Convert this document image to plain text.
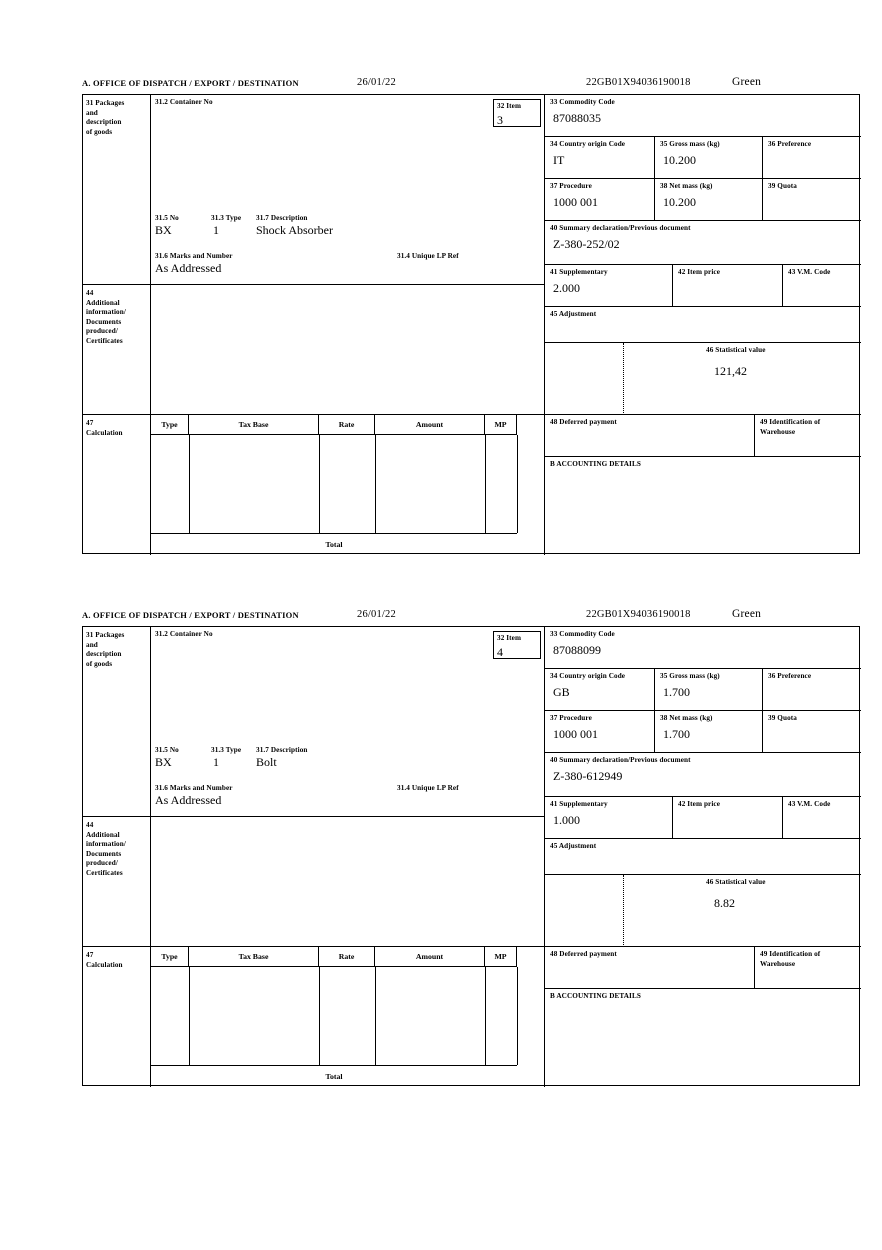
A. OFFICE OF DISPATCH / EXPORT / DESTINATION	26/01/22	22GB01X94036190018	Green
31 Packages
and
description
of goods
31.2 Container No
31.5 No	31.3 Type 31.7 Description
BX	1	Shock Absorber
31.6 Marks and Number	31.4 Unique LP Ref
As Addressed
32 Item
3
33 Commodity Code
87088035
34 Country origin Code
IT
35 Gross mass (kg)
10.200
36 Preference
37 Procedure
1000 001
38 Net mass (kg)
10.200
39 Quota
40 Summary declaration/Previous document
Z-380-252/02
41 Supplementary
2.000
42 Item price	43 V.M. Code
45 Adjustment
46 Statistical value
121,42
44
Additional
information/
Documents
produced/
Certificates
47
Calculation
Type	Tax Base	Rate	Amount	MP
Total
48 Deferred payment	49 Identification of Warehouse
B ACCOUNTING DETAILS
A. OFFICE OF DISPATCH / EXPORT / DESTINATION	26/01/22	22GB01X94036190018	Green
31 Packages
and
description
of goods
31.2 Container No
31.5 No	31.3 Type 31.7 Description
BX	1	Bolt
31.6 Marks and Number	31.4 Unique LP Ref
As Addressed
32 Item
4
33 Commodity Code
87088099
34 Country origin Code
GB
35 Gross mass (kg)
1.700
36 Preference
37 Procedure
1000 001
38 Net mass (kg)
1.700
39 Quota
40 Summary declaration/Previous document
Z-380-612949
41 Supplementary
1.000
42 Item price	43 V.M. Code
45 Adjustment
46 Statistical value
8.82
44
Additional
information/
Documents
produced/
Certificates
47
Calculation
Type	Tax Base	Rate	Amount	MP
Total
48 Deferred payment	49 Identification of Warehouse
B ACCOUNTING DETAILS
